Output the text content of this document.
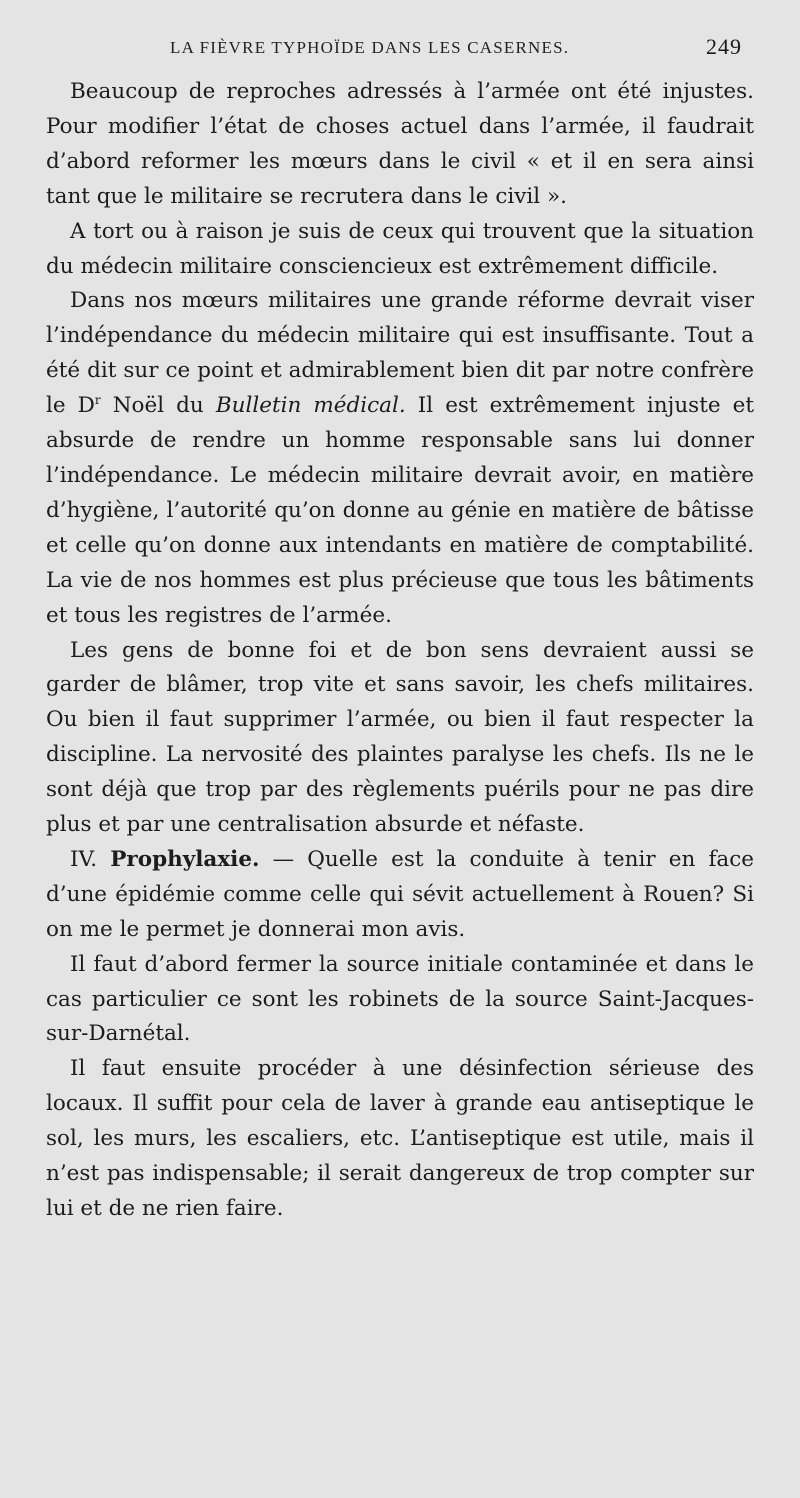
LA FIÈVRE TYPHOÏDE DANS LES CASERNES.	249

Beaucoup de reproches adressés à l’armée ont été injustes. Pour modifier l’état de choses actuel dans l’armée, il faudrait d’abord reformer les mœurs dans le civil « et il en sera ainsi tant que le militaire se recrutera dans le civil ».

A tort ou à raison je suis de ceux qui trouvent que la situation du médecin militaire consciencieux est extrêmement difficile.

Dans nos mœurs militaires une grande réforme devrait viser l’indépendance du médecin militaire qui est insuffisante. Tout a été dit sur ce point et admirablement bien dit par notre confrère le $D^r$ Noël du Bulletin médical. Il est extrêmement injuste et absurde de rendre un homme responsable sans lui donner l’indépendance. Le médecin militaire devrait avoir, en matière d’hygiène, l’autorité qu’on donne au génie en matière de bâtisse et celle qu’on donne aux intendants en matière de comptabilité. La vie de nos hommes est plus précieuse que tous les bâtiments et tous les registres de l’armée.

Les gens de bonne foi et de bon sens devraient aussi se garder de blâmer, trop vite et sans savoir, les chefs militaires. Ou bien il faut supprimer l’armée, ou bien il faut respecter la discipline. La nervosité des plaintes paralyse les chefs. Ils ne le sont déjà que trop par des règlements puérils pour ne pas dire plus et par une centralisation absurde et néfaste.

IV. Prophylaxie. — Quelle est la conduite à tenir en face d’une épidémie comme celle qui sévit actuellement à Rouen? Si on me le permet je donnerai mon avis.

Il faut d’abord fermer la source initiale contaminée et dans le cas particulier ce sont les robinets de la source Saint-Jacques-sur-Darnétal.

Il faut ensuite procéder à une désinfection sérieuse des locaux. Il suffit pour cela de laver à grande eau antiseptique le sol, les murs, les escaliers, etc. L’antiseptique est utile, mais il n’est pas indispensable; il serait dangereux de trop compter sur lui et de ne rien faire.
